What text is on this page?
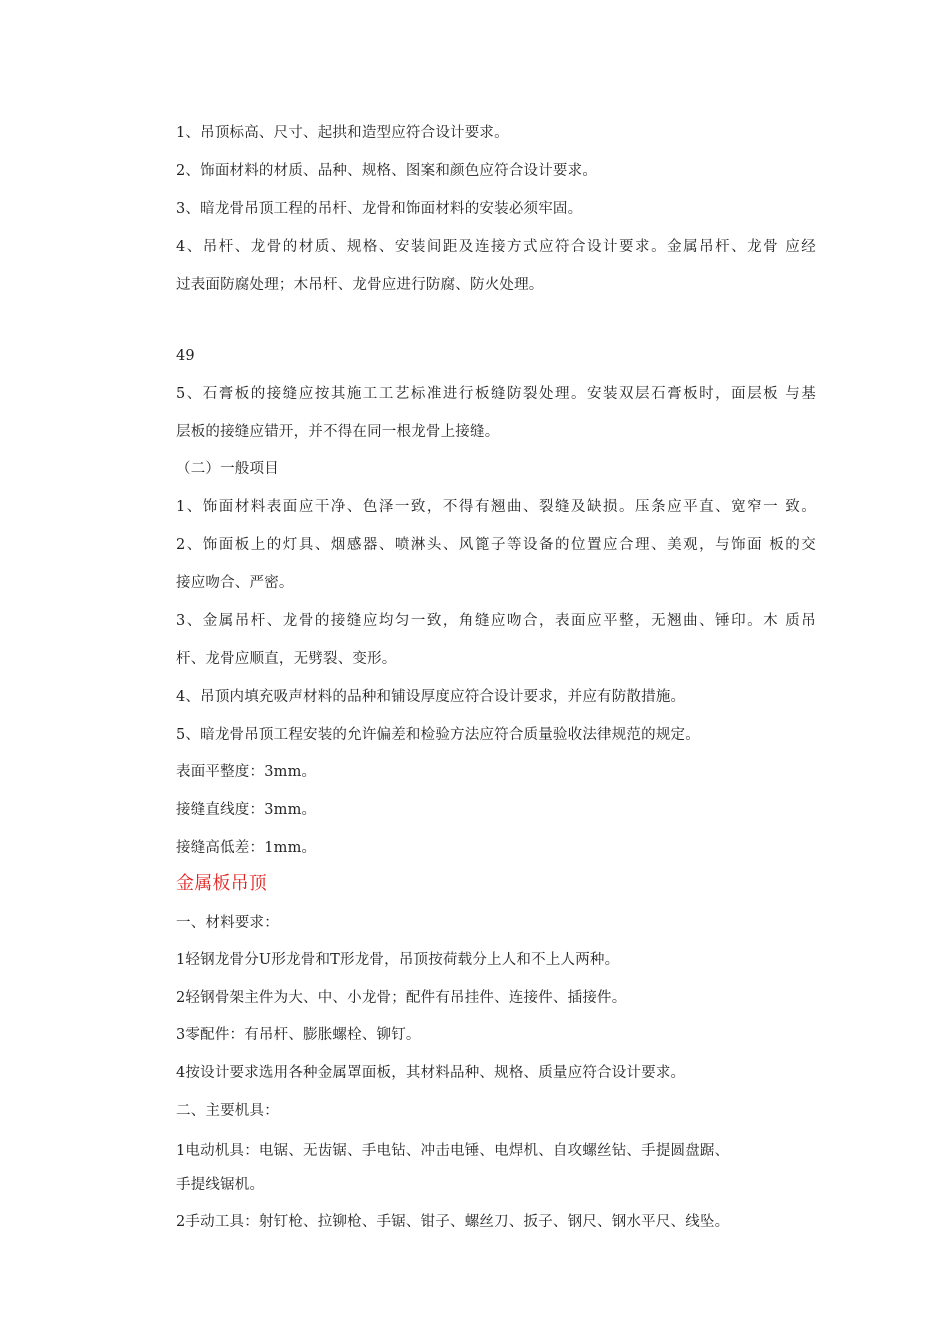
1、吊顶标高、尺寸、起拱和造型应符合设计要求。
2、饰面材料的材质、品种、规格、图案和颜色应符合设计要求。
3、暗龙骨吊顶工程的吊杆、龙骨和饰面材料的安装必须牢固。
4、吊杆、龙骨的材质、规格、安装间距及连接方式应符合设计要求。金属吊杆、龙骨 应经
过表面防腐处理；木吊杆、龙骨应进行防腐、防火处理。
49
5、石膏板的接缝应按其施工工艺标准进行板缝防裂处理。安装双层石膏板时，面层板 与基
层板的接缝应错开，并不得在同一根龙骨上接缝。
（二）一般项目
1、饰面材料表面应干净、色泽一致，不得有翘曲、裂缝及缺损。压条应平直、宽窄一 致。
2、饰面板上的灯具、烟感器、喷淋头、风篦子等设备的位置应合理、美观，与饰面 板的交
接应吻合、严密。
3、金属吊杆、龙骨的接缝应均匀一致，角缝应吻合，表面应平整，无翘曲、锤印。木 质吊
杆、龙骨应顺直，无劈裂、变形。
4、吊顶内填充吸声材料的品种和铺设厚度应符合设计要求，并应有防散措施。
5、暗龙骨吊顶工程安装的允许偏差和检验方法应符合质量验收法律规范的规定。
表面平整度：3mm。
接缝直线度：3mm。
接缝高低差：1mm。
金属板吊顶
一、材料要求：
1轻钢龙骨分U形龙骨和T形龙骨，吊顶按荷载分上人和不上人两种。
2轻钢骨架主件为大、中、小龙骨；配件有吊挂件、连接件、插接件。
3零配件：有吊杆、膨胀螺栓、铆钉。
4按设计要求选用各种金属罩面板，其材料品种、规格、质量应符合设计要求。
二、主要机具：
1电动机具：电锯、无齿锯、手电钻、冲击电锤、电焊机、自攻螺丝钻、手提圆盘踞、
手提线锯机。
2手动工具：射钉枪、拉铆枪、手锯、钳子、螺丝刀、扳子、钢尺、钢水平尺、线坠。
